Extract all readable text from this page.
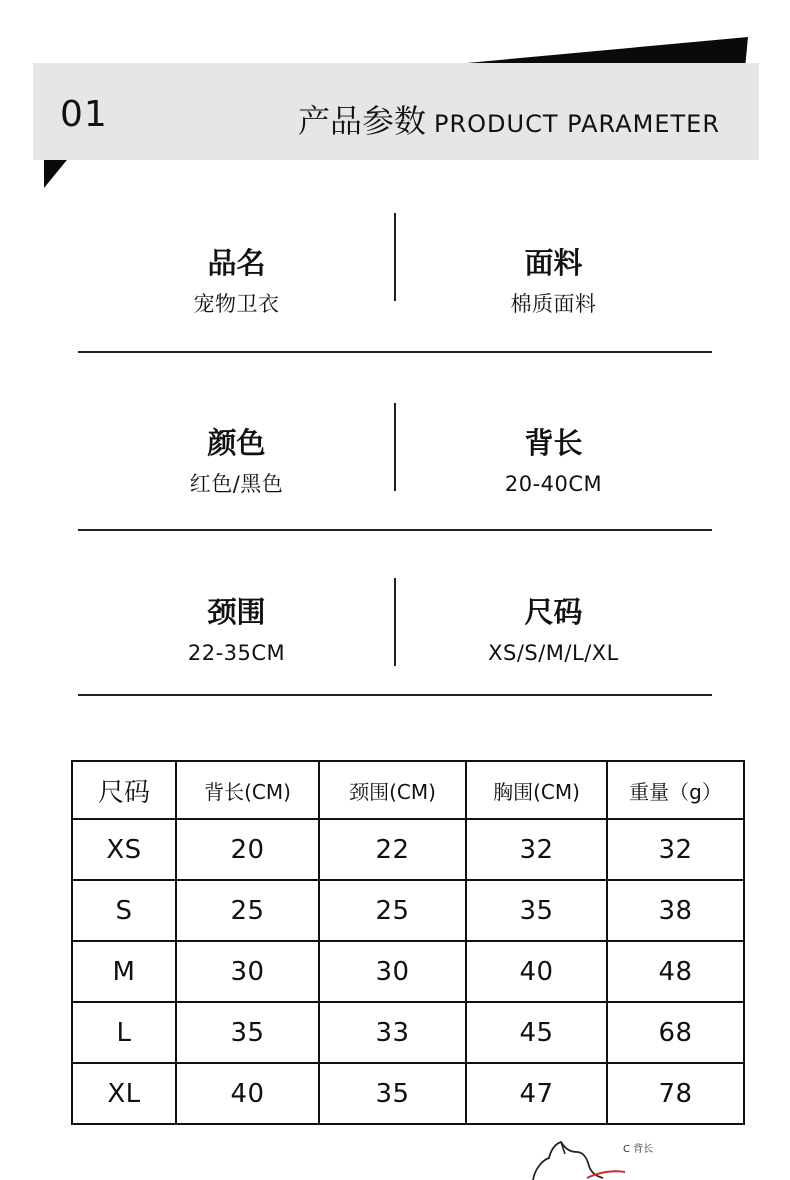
01	产品参数 PRODUCT PARAMETER
品名
宠物卫衣
面料
棉质面料
颜色
红色/黑色
背长
20-40CM
颈围
22-35CM
尺码
XS/S/M/L/XL
尺码	背长(CM)	颈围(CM)	胸围(CM)	重量（g）
XS	20	22	32	32
S	25	25	35	38
M	30	30	40	48
L	35	33	45	68
XL	40	35	47	78
C 背长
